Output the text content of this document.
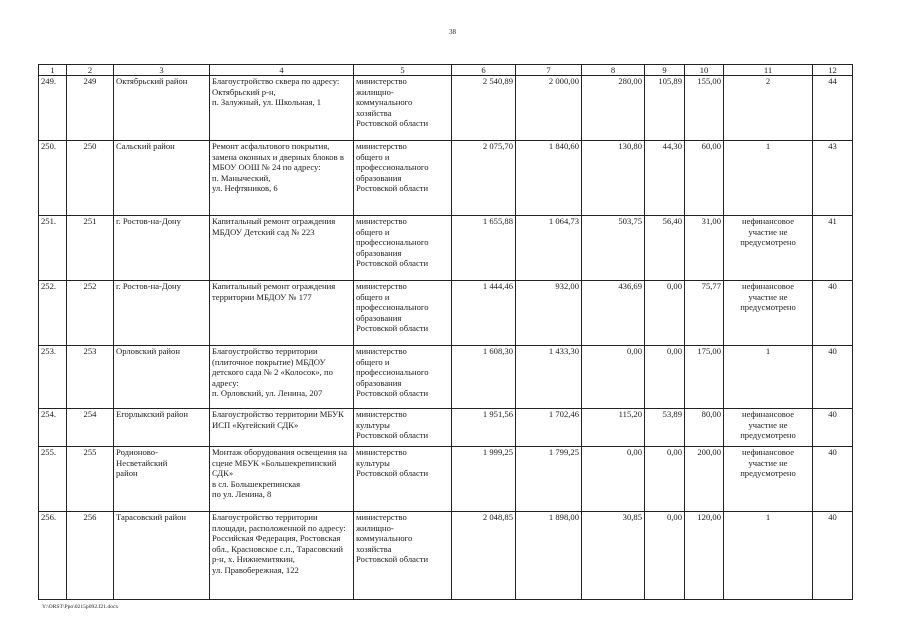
38
1	2	3	4	5	6	7	8	9	10	11	12
249.	249	Октябрьский район	Благоустройство сквера по адресу: Октябрьский р-н,
п. Залужный, ул. Школьная, 1	министерство
жилищно-
коммунального
хозяйства
Ростовской области	2 540,89	2 000,00	280,00	105,89	155,00	2	44
250.	250	Сальский район	Ремонт асфальтового покрытия, замена оконных и дверных блоков в МБОУ ООШ № 24 по адресу:
п. Маныческий,
ул. Нефтяников, 6	министерство
общего и
профессионального
образования
Ростовской области	2 075,70	1 840,60	130,80	44,30	60,00	1	43
251.	251	г. Ростов-на-Дону	Капитальный ремонт ограждения МБДОУ Детский сад № 223	министерство
общего и
профессионального
образования
Ростовской области	1 655,88	1 064,73	503,75	56,40	31,00	нефинансовое
участие не
предусмотрено	41
252.	252	г. Ростов-на-Дону	Капитальный ремонт ограждения территории МБДОУ № 177	министерство
общего и
профессионального
образования
Ростовской области	1 444,46	932,00	436,69	0,00	75,77	нефинансовое
участие не
предусмотрено	40
253.	253	Орловский район	Благоустройство территории (плиточное покрытие) МБДОУ детского сада № 2 «Колосок», по адресу:
п. Орловский, ул. Ленина, 207	министерство
общего и
профессионального
образования
Ростовской области	1 608,30	1 433,30	0,00	0,00	175,00	1	40
254.	254	Егорлыкский район	Благоустройство территории МБУК ИСП «Кугейский СДК»	министерство
культуры
Ростовской области	1 951,56	1 702,46	115,20	53,89	80,00	нефинансовое
участие не
предусмотрено	40
255.	255	Родионово-
Несветайский
район	Монтаж оборудования освещения на сцене МБУК «Большекрепинский СДК»
в сл. Большекрепинская
по ул. Ленина, 8	министерство
культуры
Ростовской области	1 999,25	1 799,25	0,00	0,00	200,00	нефинансовое
участие не
предусмотрено	40
256.	256	Тарасовский район	Благоустройство территории площади, расположенной по адресу: Российская Федерация, Ростовская обл., Красновское с.п., Тарасовский р-н, х. Нижнемитякин,
ул. Правобережная, 122	министерство
жилищно-
коммунального
хозяйства
Ростовской области	2 048,85	1 898,00	30,85	0,00	120,00	1	40
Y:\ORST\Ppo\0215p092.f21.docx
